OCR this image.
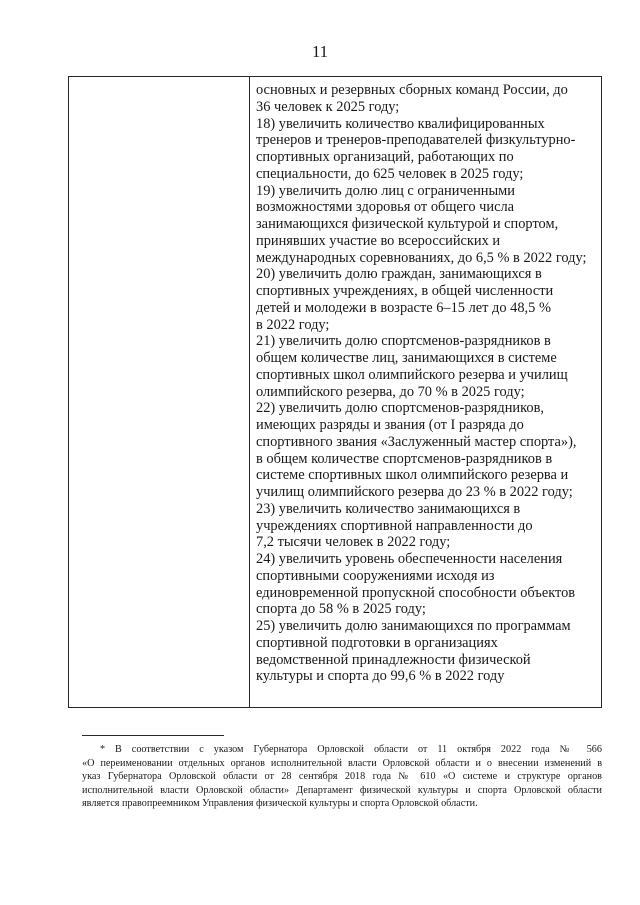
11
основных и резервных сборных команд России, до
36 человек к 2025 году;
18) увеличить количество квалифицированных
тренеров и тренеров-преподавателей физкультурно-
спортивных организаций, работающих по
специальности, до 625 человек в 2025 году;
19) увеличить долю лиц с ограниченными
возможностями здоровья от общего числа
занимающихся физической культурой и спортом,
принявших участие во всероссийских и
международных соревнованиях, до 6,5 % в 2022 году;
20) увеличить долю граждан, занимающихся в
спортивных учреждениях, в общей численности
детей и молодежи в возрасте 6–15 лет до 48,5 %
в 2022 году;
21) увеличить долю спортсменов-разрядников в
общем количестве лиц, занимающихся в системе
спортивных школ олимпийского резерва и училищ
олимпийского резерва, до 70 % в 2025 году;
22) увеличить долю спортсменов-разрядников,
имеющих разряды и звания (от I разряда до
спортивного звания «Заслуженный мастер спорта»),
в общем количестве спортсменов-разрядников в
системе спортивных школ олимпийского резерва и
училищ олимпийского резерва до 23 % в 2022 году;
23) увеличить количество занимающихся в
учреждениях спортивной направленности до
7,2 тысячи человек в 2022 году;
24) увеличить уровень обеспеченности населения
спортивными сооружениями исходя из
единовременной пропускной способности объектов
спорта до 58 % в 2025 году;
25) увеличить долю занимающихся по программам
спортивной подготовки в организациях
ведомственной принадлежности физической
культуры и спорта до 99,6 % в 2022 году
* В соответствии с указом Губернатора Орловской области от 11 октября 2022 года № 566
«О переименовании отдельных органов исполнительной власти Орловской области и о внесении изменений в
указ Губернатора Орловской области от 28 сентября 2018 года № 610 «О системе и структуре органов
исполнительной власти Орловской области» Департамент физической культуры и спорта Орловской области
является правопреемником Управления физической культуры и спорта Орловской области.
